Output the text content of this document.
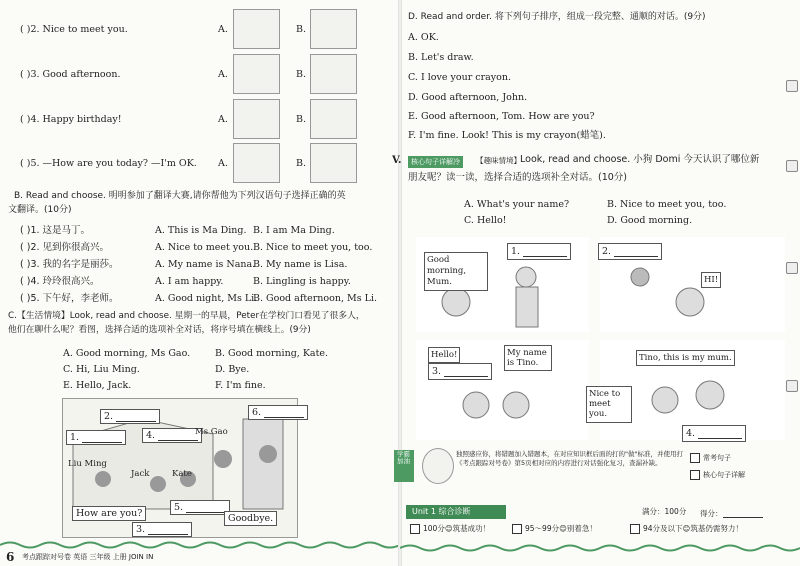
( )2. Nice to meet you.	A.	B.
( )3. Good afternoon.	A.	B.
( )4. Happy birthday!	A.	B.
( )5. —How are you today? —I'm OK. A.	B.
B. Read and choose. 明明参加了翻译大赛,请你帮他为下列汉语句子选择正确的英
文翻译。(10分)
( )1. 这是马丁。	A. This is Ma Ding. B. I am Ma Ding.
( )2. 见到你很高兴。	A. Nice to meet you. B. Nice to meet you, too.
( )3. 我的名字是丽莎。	A. My name is Nana.
B. My name is Lisa.
( )4. 玲玲很高兴。	A. I am happy.	B. Lingling is happy.
( )5. 下午好，李老师。	A. Good night, Ms Li.
B. Good afternoon, Ms Li.
C.【生活情境】Look, read and choose. 星期一的早晨，Peter在学校门口看见了很多人，
他们在聊什么呢？看图，选择合适的选项补全对话，将序号填在横线上。(9分)
A. Good morning, Ms Gao.	B. Good morning, Kate.
C. Hi, Liu Ming.	D. Bye.
E. Hello, Jack.	F. I'm fine.
2.
1.	4.
6.
Ms Gao
Liu Ming
Jack	Kate
How are you?
5.
3.
Goodbye.
6 考点跟踪对号卷 英语 三年级 上册 JOIN IN
D. Read and order. 将下列句子排序，组成一段完整、通顺的对话。(9分)
A. OK.
B. Let's draw.
C. I love your crayon.
D. Good afternoon, John.
E. Good afternoon, Tom. How are you?
F. I'm fine. Look! This is my crayon(蜡笔).
V.	核心句子详解冷	【趣味情境】 Look, read and choose. 小狗 Domi 今天认识了哪位新
朋友呢？读一读，选择合适的选项补全对话。(10分)
A. What's your name?	B. Nice to meet you, too.
C. Hello!	D. Good morning.
Good morning, Mum.
1.	2.
HI!
Hello!	My name is Tino.
3.
Tino, this is my mum.
Nice to meet you.
4.
学霸加油
独照感应你，将错题加入错题本，在对应知识框后面的打的"做"标准，并使用打《考点跟踪对号卷》第5页相对应的内容进行对话强化复习，查漏补缺。
常考句子
核心句子详解
Unit 1 综合诊断	满分：100分 得分：
100分😊筑基成功！	95～99分😊别着急！	94分及以下😊筑基仍需努力！
